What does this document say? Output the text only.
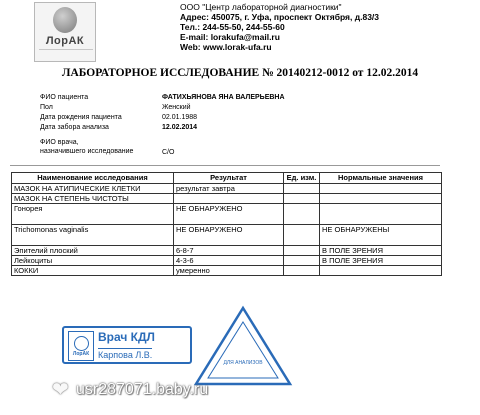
ЛорАК
ООО "Центр лабораторной диагностики"
Адрес: 450075, г. Уфа, проспект Октября, д.83/3
Тел.: 244-55-50, 244-55-60
E-mail: lorakufa@mail.ru
Web: www.lorak-ufa.ru
ЛАБОРАТОРНОЕ ИССЛЕДОВАНИЕ № 20140212-0012 от 12.02.2014
ФИО пациента	ФАТИХЬЯНОВА ЯНА ВАЛЕРЬЕВНА
Пол	Женский
Дата рождения пациента	02.01.1988
Дата забора анализа	12.02.2014
ФИО врача,
назначившего исследование	С/О
Наименование исследования	Результат	Ед. изм.	Нормальные значения
МАЗОК НА АТИПИЧЕСКИЕ КЛЕТКИ	результат завтра		
МАЗОК НА СТЕПЕНЬ ЧИСТОТЫ			
Гонорея	НЕ ОБНАРУЖЕНО		
Trichomonas vaginalis	НЕ ОБНАРУЖЕНО		НЕ ОБНАРУЖЕНЫ
Эпителий плоский	6-8-7		В ПОЛЕ ЗРЕНИЯ
Лейкоциты	4-3-6		В ПОЛЕ ЗРЕНИЯ
КОККИ	умеренно		
ЛорАК
Врач КДЛ
Карпова Л.В.
ДЛЯ АНАЛИЗОВ
❤ usr287071.baby.ru
